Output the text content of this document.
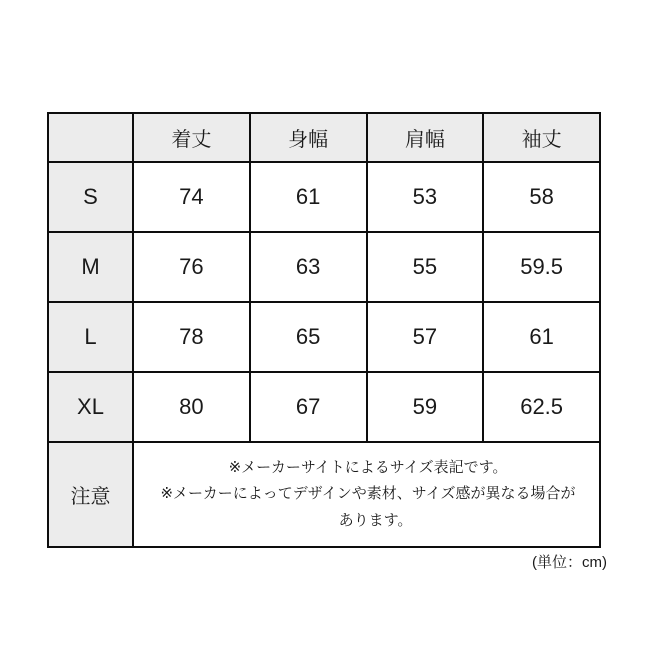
	着丈	身幅	肩幅	袖丈
S	74	61	53	58
M	76	63	55	59.5
L	78	65	57	61
XL	80	67	59	62.5
注意	※メーカーサイトによるサイズ表記です。
※メーカーによってデザインや素材、サイズ感が異なる場合が
あります。			
(単位：cm)
